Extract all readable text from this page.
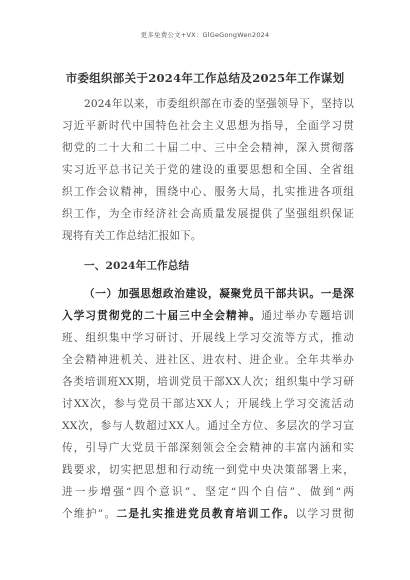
更多免费公文+VX：GlGeGongWen2024
市委组织部关于2024年工作总结及2025年工作谋划
2024年以来，市委组织部在市委的坚强领导下，坚持以
习近平新时代中国特色社会主义思想为指导，全面学习贯
彻党的二十大和二十届二中、三中全会精神，深入贯彻落
实习近平总书记关于党的建设的重要思想和全国、全省组
织工作会议精神，围绕中心、服务大局，扎实推进各项组
织工作，为全市经济社会高质量发展提供了坚强组织保证
现将有关工作总结汇报如下。
一、2024年工作总结
（一）加强思想政治建设，凝聚党员干部共识。一是深
入学习贯彻党的二十届三中全会精神。通过举办专题培训
班、组织集中学习研讨、开展线上学习交流等方式，推动
全会精神进机关、进社区、进农村、进企业。全年共举办
各类培训班XX期，培训党员干部XX人次；组织集中学习研
讨XX次，参与党员干部达XX人；开展线上学习交流活动
XX次，参与人数超过XX人。通过全方位、多层次的学习宣
传，引导广大党员干部深刻领会全会精神的丰富内涵和实
践要求，切实把思想和行动统一到党中央决策部署上来，
进一步增强“四个意识”、坚定“四个自信”、做到“两
个维护”。二是扎实推进党员教育培训工作。以学习贯彻
